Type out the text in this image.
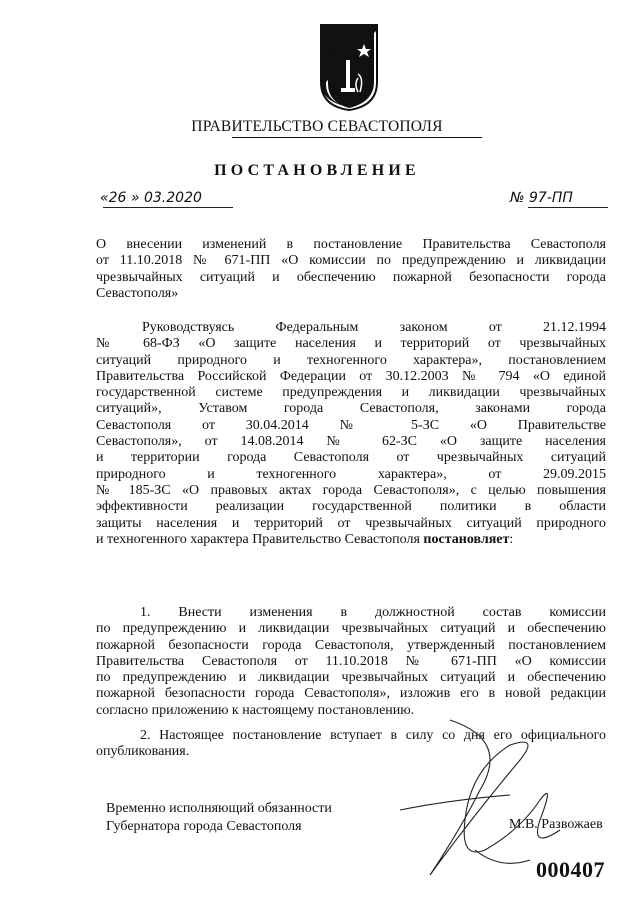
ПРАВИТЕЛЬСТВО СЕВАСТОПОЛЯ
ПОСТАНОВЛЕНИЕ
«26 » 03.2020	№ 97-ПП
О внесении изменений в постановление Правительства Севастополя
от 11.10.2018 № 671-ПП «О комиссии по предупреждению и ликвидации
чрезвычайных ситуаций и обеспечению пожарной безопасности города
Севастополя»
Руководствуясь Федеральным законом от 21.12.1994
№ 68-ФЗ «О защите населения и территорий от чрезвычайных
ситуаций природного и техногенного характера», постановлением
Правительства Российской Федерации от 30.12.2003 № 794 «О единой
государственной системе предупреждения и ликвидации чрезвычайных
ситуаций», Уставом города Севастополя, законами города
Севастополя от 30.04.2014 № 5-ЗС «О Правительстве
Севастополя», от 14.08.2014 № 62-ЗС «О защите населения
и территории города Севастополя от чрезвычайных ситуаций
природного и техногенного характера», от 29.09.2015
№ 185-ЗС «О правовых актах города Севастополя», с целью повышения
эффективности реализации государственной политики в области
защиты населения и территорий от чрезвычайных ситуаций природного
и техногенного характера Правительство Севастополя постановляет:
1. Внести изменения в должностной состав комиссии
по предупреждению и ликвидации чрезвычайных ситуаций и обеспечению
пожарной безопасности города Севастополя, утвержденный постановлением
Правительства Севастополя от 11.10.2018 № 671-ПП «О комиссии
по предупреждению и ликвидации чрезвычайных ситуаций и обеспечению
пожарной безопасности города Севастополя», изложив его в новой редакции
согласно приложению к настоящему постановлению.
2. Настоящее постановление вступает в силу со дня его официального
опубликования.
Временно исполняющий обязанности
Губернатора города Севастополя	М.В. Развожаев
000407
